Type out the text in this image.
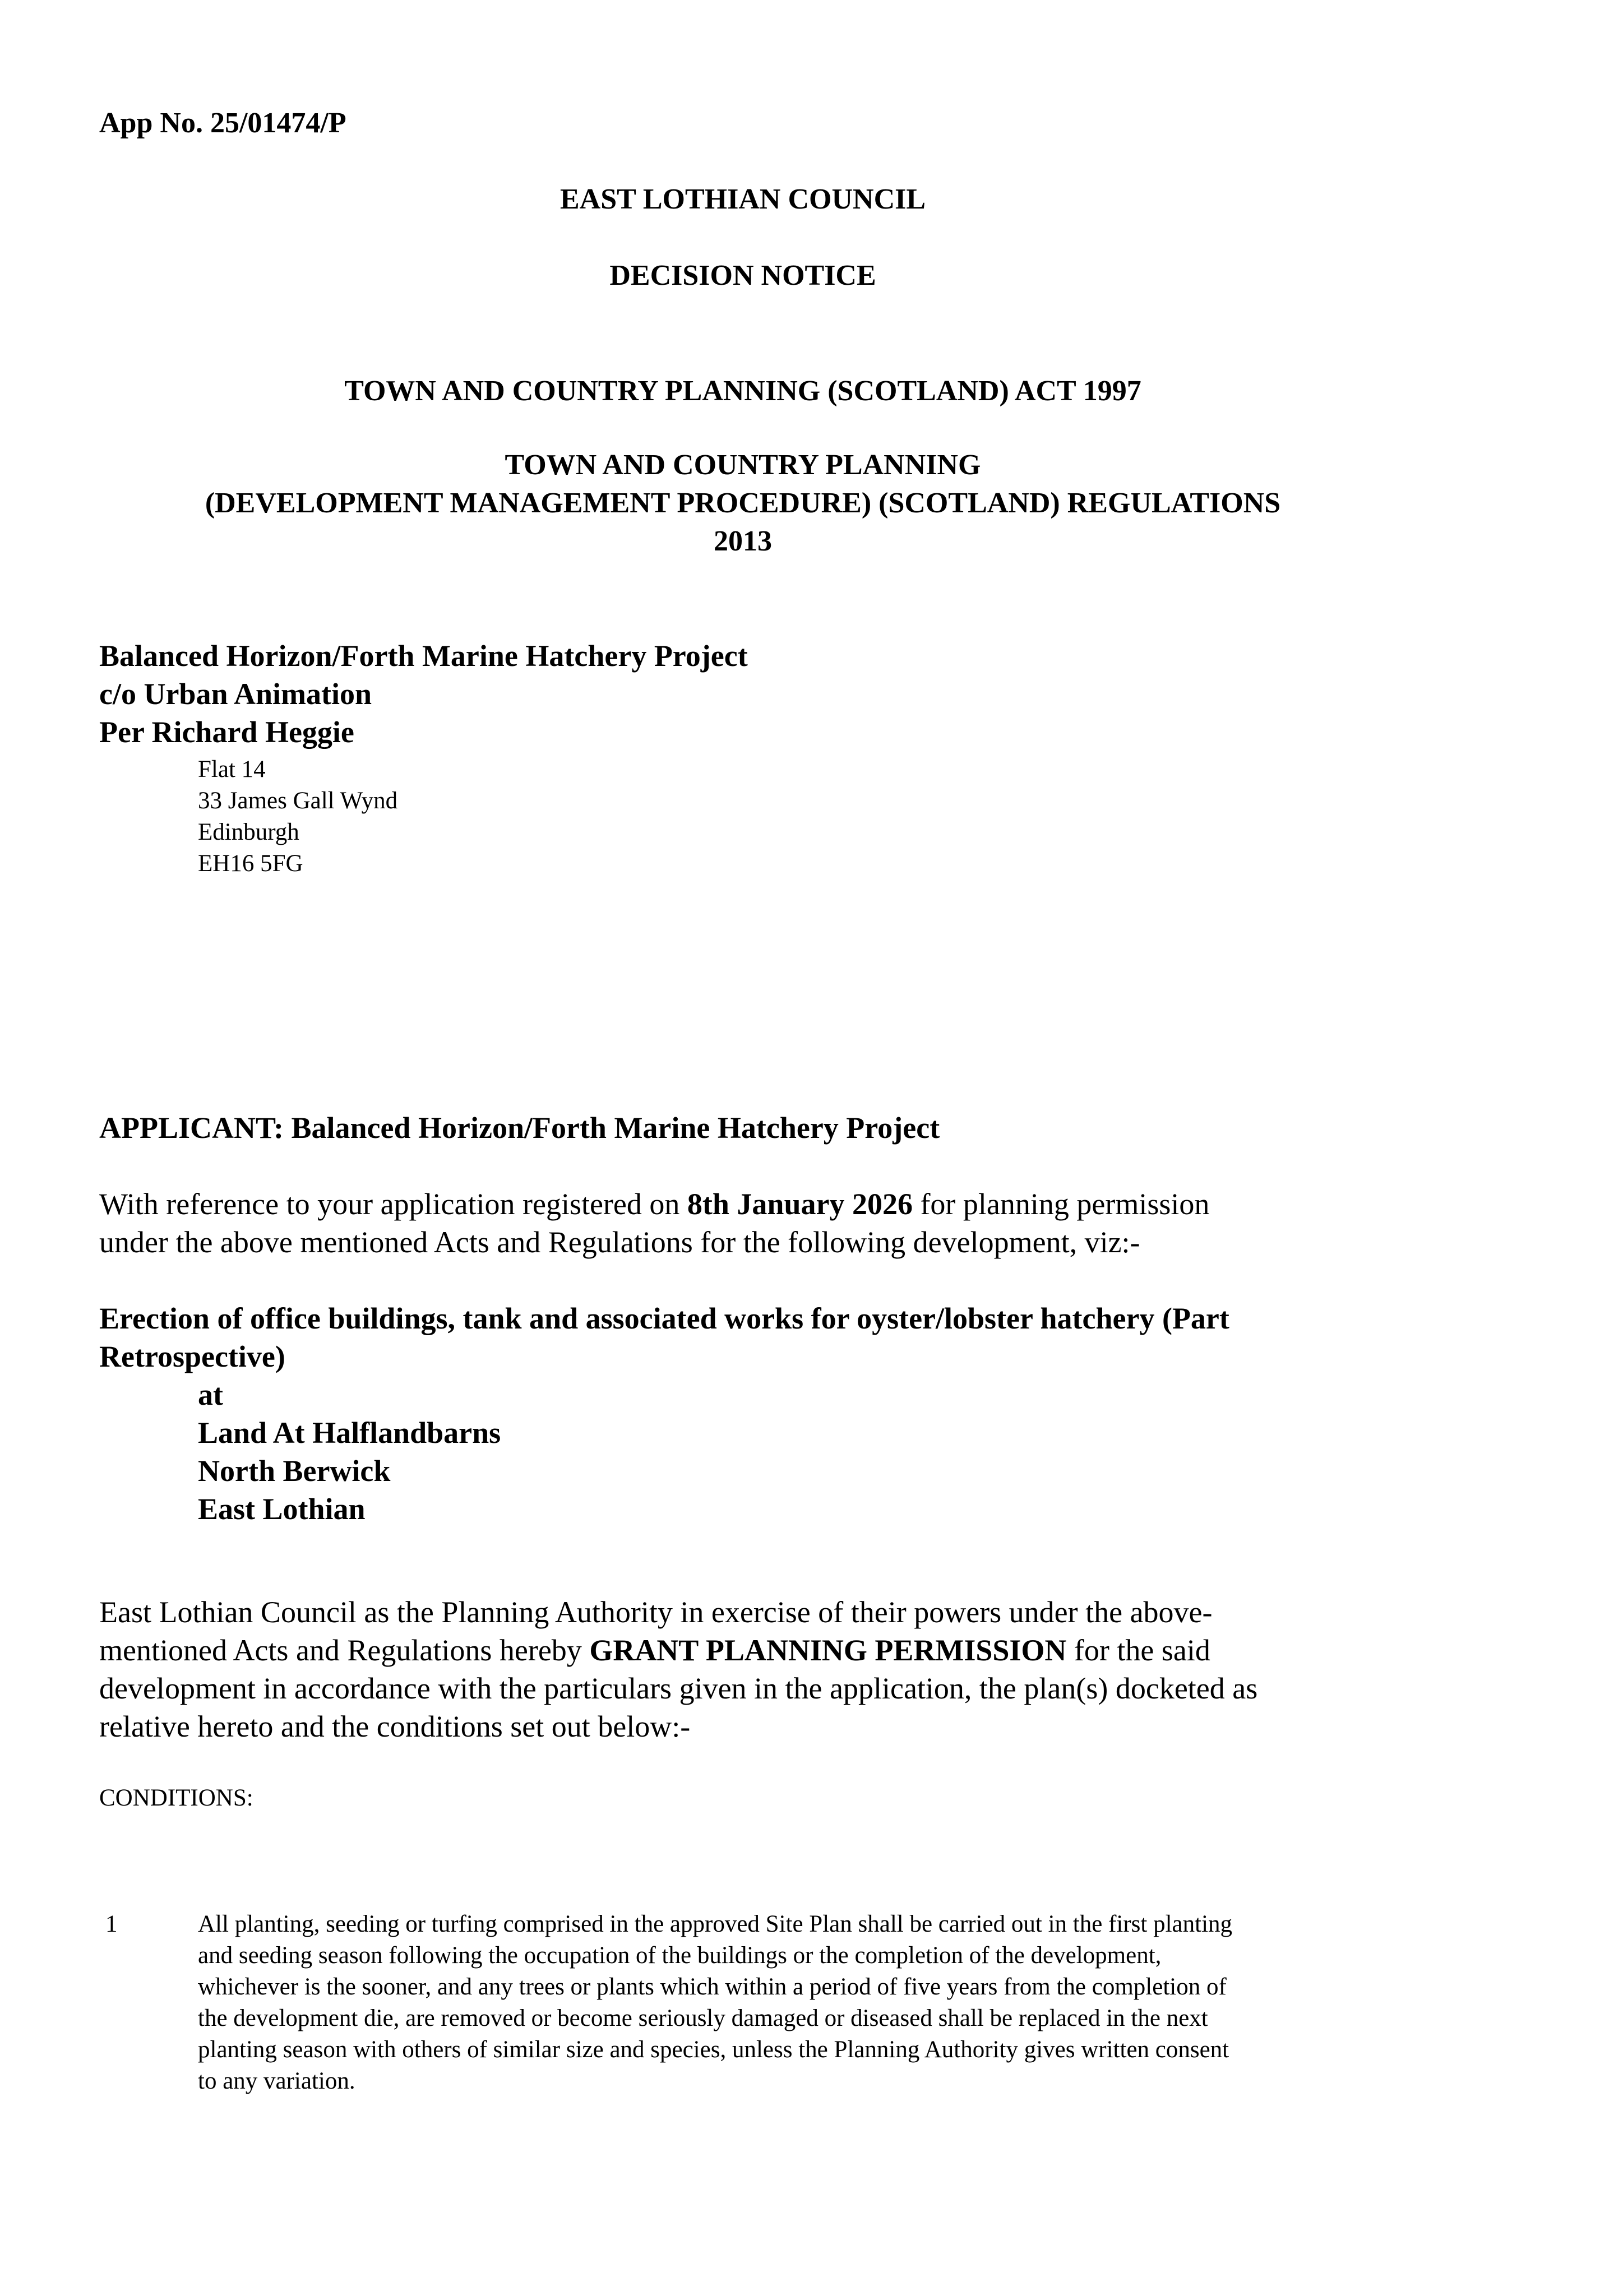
App No. 25/01474/P
EAST LOTHIAN COUNCIL
DECISION NOTICE
TOWN AND COUNTRY PLANNING (SCOTLAND) ACT 1997
TOWN AND COUNTRY PLANNING
(DEVELOPMENT MANAGEMENT PROCEDURE) (SCOTLAND) REGULATIONS
2013
Balanced Horizon/Forth Marine Hatchery Project
c/o Urban Animation
Per Richard Heggie
Flat 14
33 James Gall Wynd
Edinburgh
EH16 5FG
APPLICANT: Balanced Horizon/Forth Marine Hatchery Project
With reference to your application registered on 8th January 2026 for planning permission
under the above mentioned Acts and Regulations for the following development, viz:-
Erection of office buildings, tank and associated works for oyster/lobster hatchery (Part
Retrospective)
at
Land At Halflandbarns
North Berwick
East Lothian
East Lothian Council as the Planning Authority in exercise of their powers under the above-
mentioned Acts and Regulations hereby GRANT PLANNING PERMISSION for the said
development in accordance with the particulars given in the application, the plan(s) docketed as
relative hereto and the conditions set out below:-
CONDITIONS:
1	All planting, seeding or turfing comprised in the approved Site Plan shall be carried out in the first planting
and seeding season following the occupation of the buildings or the completion of the development,
whichever is the sooner, and any trees or plants which within a period of five years from the completion of
the development die, are removed or become seriously damaged or diseased shall be replaced in the next
planting season with others of similar size and species, unless the Planning Authority gives written consent
to any variation.
